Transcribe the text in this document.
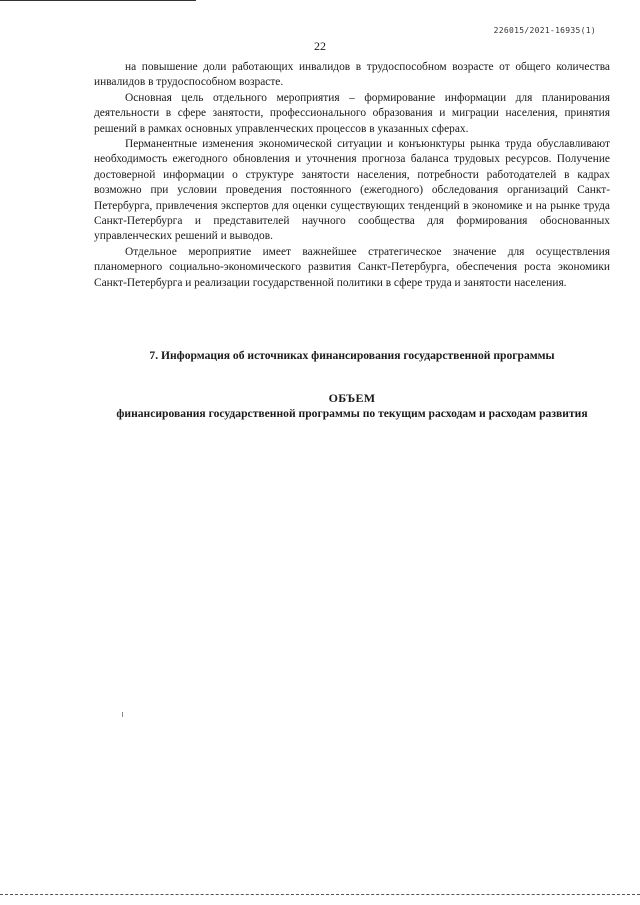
226015/2021-16935(1)
22

на повышение доли работающих инвалидов в трудоспособном возрасте от общего количества инвалидов в трудоспособном возрасте.

Основная цель отдельного мероприятия – формирование информации для планирования деятельности в сфере занятости, профессионального образования и миграции населения, принятия решений в рамках основных управленческих процессов в указанных сферах.

Перманентные изменения экономической ситуации и конъюнктуры рынка труда обуславливают необходимость ежегодного обновления и уточнения прогноза баланса трудовых ресурсов. Получение достоверной информации о структуре занятости населения, потребности работодателей в кадрах возможно при условии проведения постоянного (ежегодного) обследования организаций Санкт-Петербурга, привлечения экспертов для оценки существующих тенденций в экономике и на рынке труда Санкт-Петербурга и представителей научного сообщества для формирования обоснованных управленческих решений и выводов.

Отдельное мероприятие имеет важнейшее стратегическое значение для осуществления планомерного социально-экономического развития Санкт-Петербурга, обеспечения роста экономики Санкт-Петербурга и реализации государственной политики в сфере труда и занятости населения.

7. Информация об источниках финансирования государственной программы
ОБЪЕМ
финансирования государственной программы по текущим расходам и расходам развития
